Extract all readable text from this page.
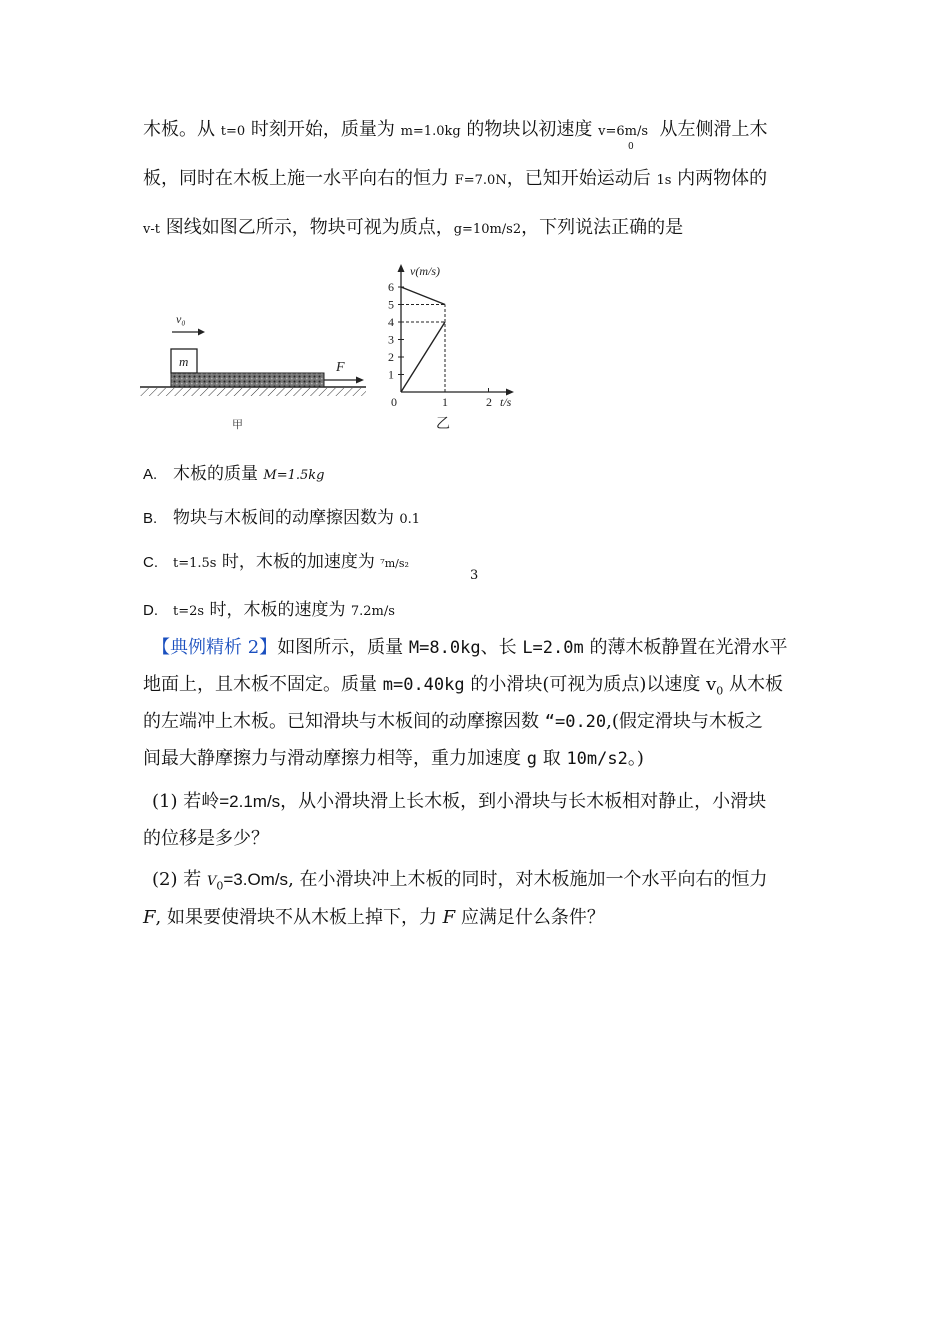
木板。从 t=0 时刻开始，质量为 m=1.0kg 的物块以初速度 $v=6m/s_0$ 从左侧滑上木
板，同时在木板上施一水平向右的恒力 F=7.0N，已知开始运动后 1s 内两物体的
v-t 图线如图乙所示，物块可视为质点，g=10m/s2，下列说法正确的是
m
v₀
F
甲
v(m/s)
t/s
乙
1
2
3
4
5
6
0	1	2
A. 木板的质量 M=1.5kg
B. 物块与木板间的动摩擦因数为 0.1
C. t=1.5s 时，木板的加速度为 ⁷m/s₂
3
D. t=2s 时，木板的速度为 7.2m/s
【典例精析 2】如图所示，质量 M=8.0kg、长 L=2.0m 的薄木板静置在光滑水平
地面上，且木板不固定。质量 m=0.40kg 的小滑块(可视为质点)以速度 $v_0$ 从木板
的左端冲上木板。已知滑块与木板间的动摩擦因数 “=0.20,(假定滑块与木板之
间最大静摩擦力与滑动摩擦力相等，重力加速度 g 取 10m/s2。)
(1) 若岭=2.1m/s，从小滑块滑上长木板，到小滑块与长木板相对静止，小滑块
的位移是多少？
(2) 若 $V_0=3.Om/s$, 在小滑块冲上木板的同时，对木板施加一个水平向右的恒力
F, 如果要使滑块不从木板上掉下，力 F 应满足什么条件？
